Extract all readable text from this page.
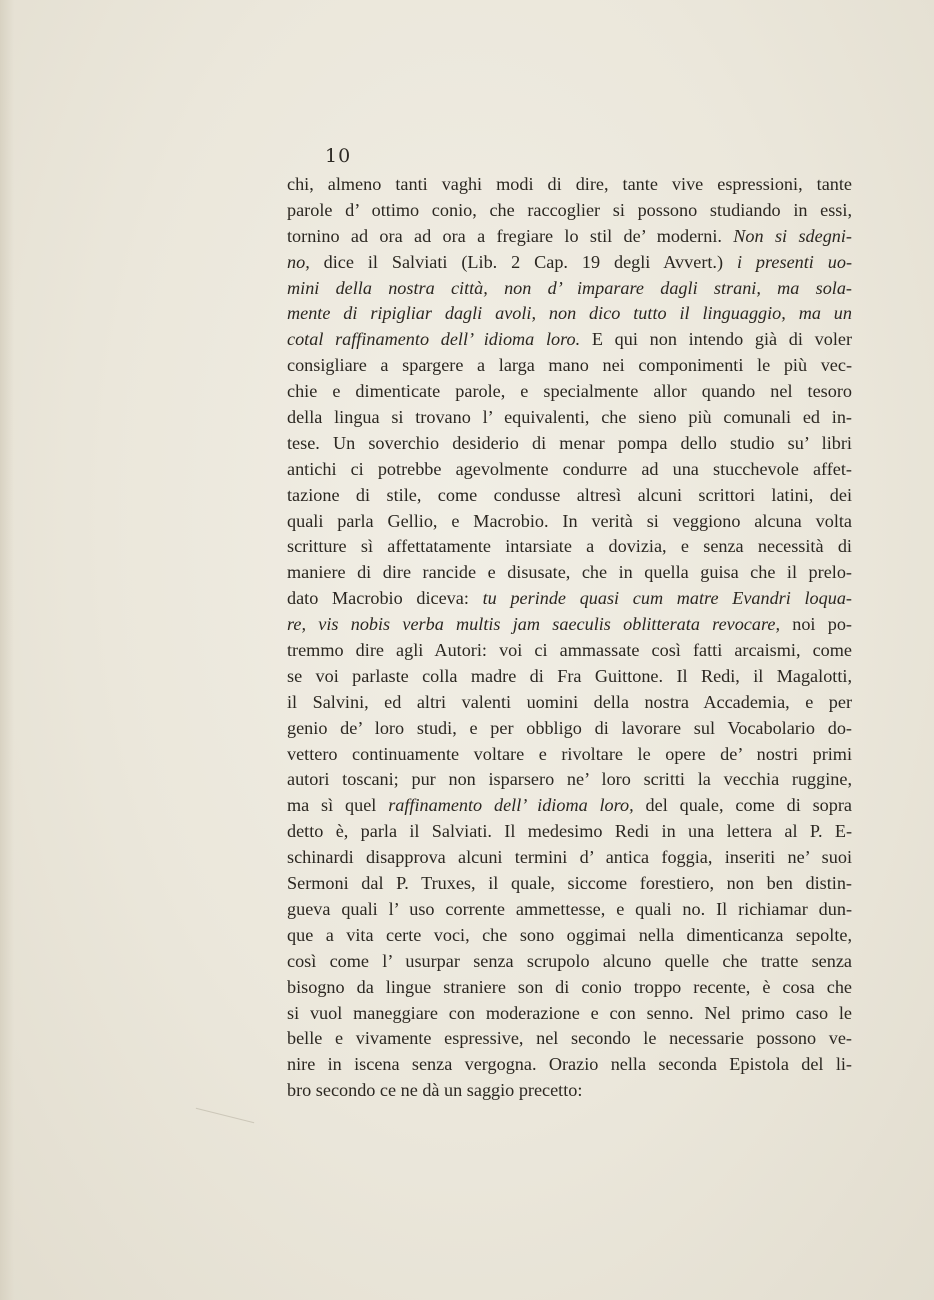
10
chi, almeno tanti vaghi modi di dire, tante vive espressioni, tante
parole d’ ottimo conio, che raccoglier si possono studiando in essi,
tornino ad ora ad ora a fregiare lo stil de’ moderni. Non si sdegni-
no, dice il Salviati (Lib. 2 Cap. 19 degli Avvert.) i presenti uo-
mini della nostra città, non d’ imparare dagli strani, ma sola-
mente di ripigliar dagli avoli, non dico tutto il linguaggio, ma un
cotal raffinamento dell’ idioma loro. E qui non intendo già di voler
consigliare a spargere a larga mano nei componimenti le più vec-
chie e dimenticate parole, e specialmente allor quando nel tesoro
della lingua si trovano l’ equivalenti, che sieno più comunali ed in-
tese. Un soverchio desiderio di menar pompa dello studio su’ libri
antichi ci potrebbe agevolmente condurre ad una stucchevole affet-
tazione di stile, come condusse altresì alcuni scrittori latini, dei
quali parla Gellio, e Macrobio. In verità si veggiono alcuna volta
scritture sì affettatamente intarsiate a dovizia, e senza necessità di
maniere di dire rancide e disusate, che in quella guisa che il prelo-
dato Macrobio diceva: tu perinde quasi cum matre Evandri loqua-
re, vis nobis verba multis jam saeculis oblitterata revocare, noi po-
tremmo dire agli Autori: voi ci ammassate così fatti arcaismi, come
se voi parlaste colla madre di Fra Guittone. Il Redi, il Magalotti,
il Salvini, ed altri valenti uomini della nostra Accademia, e per
genio de’ loro studi, e per obbligo di lavorare sul Vocabolario do-
vettero continuamente voltare e rivoltare le opere de’ nostri primi
autori toscani; pur non isparsero ne’ loro scritti la vecchia ruggine,
ma sì quel raffinamento dell’ idioma loro, del quale, come di sopra
detto è, parla il Salviati. Il medesimo Redi in una lettera al P. E-
schinardi disapprova alcuni termini d’ antica foggia, inseriti ne’ suoi
Sermoni dal P. Truxes, il quale, siccome forestiero, non ben distin-
gueva quali l’ uso corrente ammettesse, e quali no. Il richiamar dun-
que a vita certe voci, che sono oggimai nella dimenticanza sepolte,
così come l’ usurpar senza scrupolo alcuno quelle che tratte senza
bisogno da lingue straniere son di conio troppo recente, è cosa che
si vuol maneggiare con moderazione e con senno. Nel primo caso le
belle e vivamente espressive, nel secondo le necessarie possono ve-
nire in iscena senza vergogna. Orazio nella seconda Epistola del li-
bro secondo ce ne dà un saggio precetto:
